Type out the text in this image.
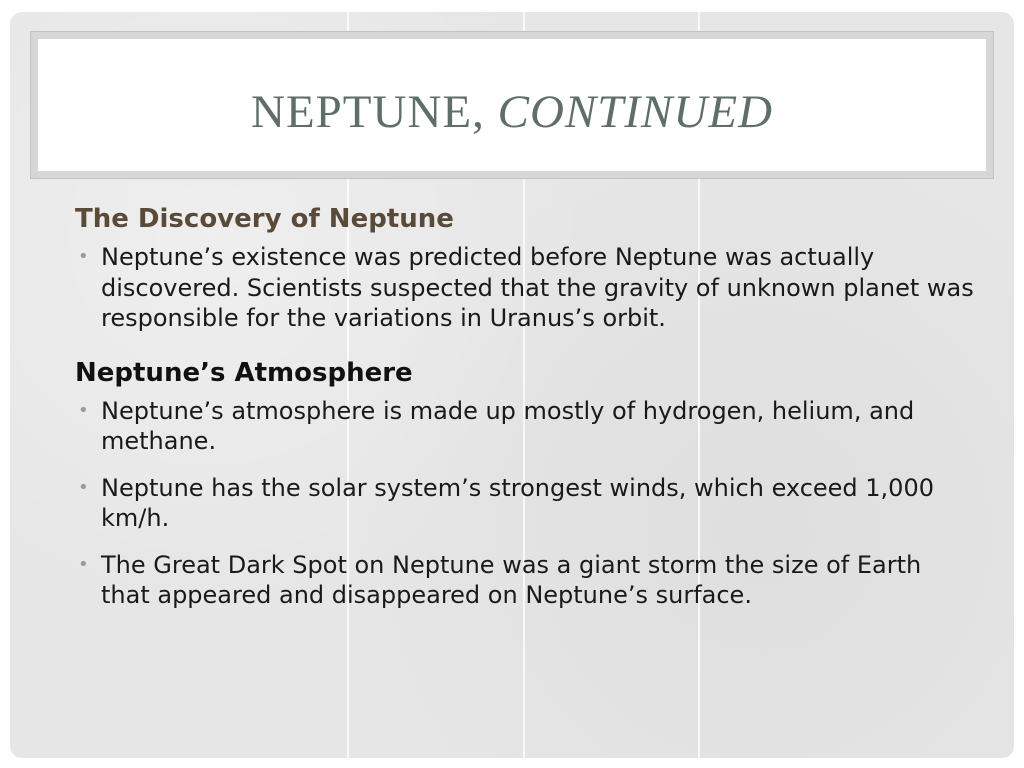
NEPTUNE, CONTINUED
The Discovery of Neptune
• Neptune’s existence was predicted before Neptune was actually discovered. Scientists suspected that the gravity of unknown planet was responsible for the variations in Uranus’s orbit.
Neptune’s Atmosphere
• Neptune’s atmosphere is made up mostly of hydrogen, helium, and methane.
• Neptune has the solar system’s strongest winds, which exceed 1,000 km/h.
• The Great Dark Spot on Neptune was a giant storm the size of Earth that appeared and disappeared on Neptune’s surface.
